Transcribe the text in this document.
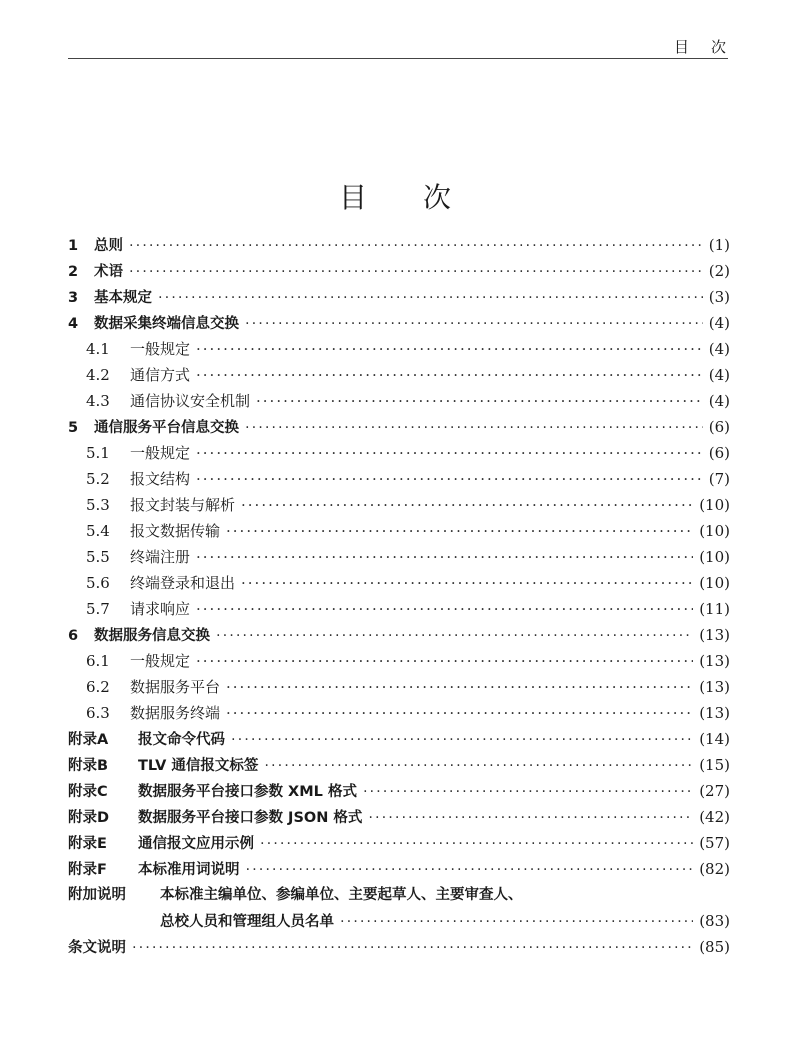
目次
目次
1	总则 ·····	(1)
2	术语 ·····	(2)
3	基本规定 ·····	(3)
4	数据采集终端信息交换 ·····	(4)
4.1	一般规定 ·····	(4)
4.2	通信方式 ·····	(4)
4.3	通信协议安全机制 ·····	(4)
5	通信服务平台信息交换 ·····	(6)
5.1	一般规定 ·····	(6)
5.2	报文结构 ·····	(7)
5.3	报文封装与解析 ·····	(10)
5.4	报文数据传输 ·····	(10)
5.5	终端注册 ·····	(10)
5.6	终端登录和退出 ·····	(10)
5.7	请求响应 ·····	(11)
6	数据服务信息交换 ·····	(13)
6.1	一般规定 ·····	(13)
6.2	数据服务平台 ·····	(13)
6.3	数据服务终端 ·····	(13)
附录A	报文命令代码 ·····	(14)
附录B	TLV 通信报文标签 ·····	(15)
附录C	数据服务平台接口参数 XML 格式 ·····	(27)
附录D	数据服务平台接口参数 JSON 格式 ·····	(42)
附录E	通信报文应用示例 ·····	(57)
附录F	本标准用词说明 ·····	(82)
附加说明	本标准主编单位、参编单位、主要起草人、主要审查人、
总校人员和管理组人员名单 ·····	(83)
条文说明 ·····	(85)
